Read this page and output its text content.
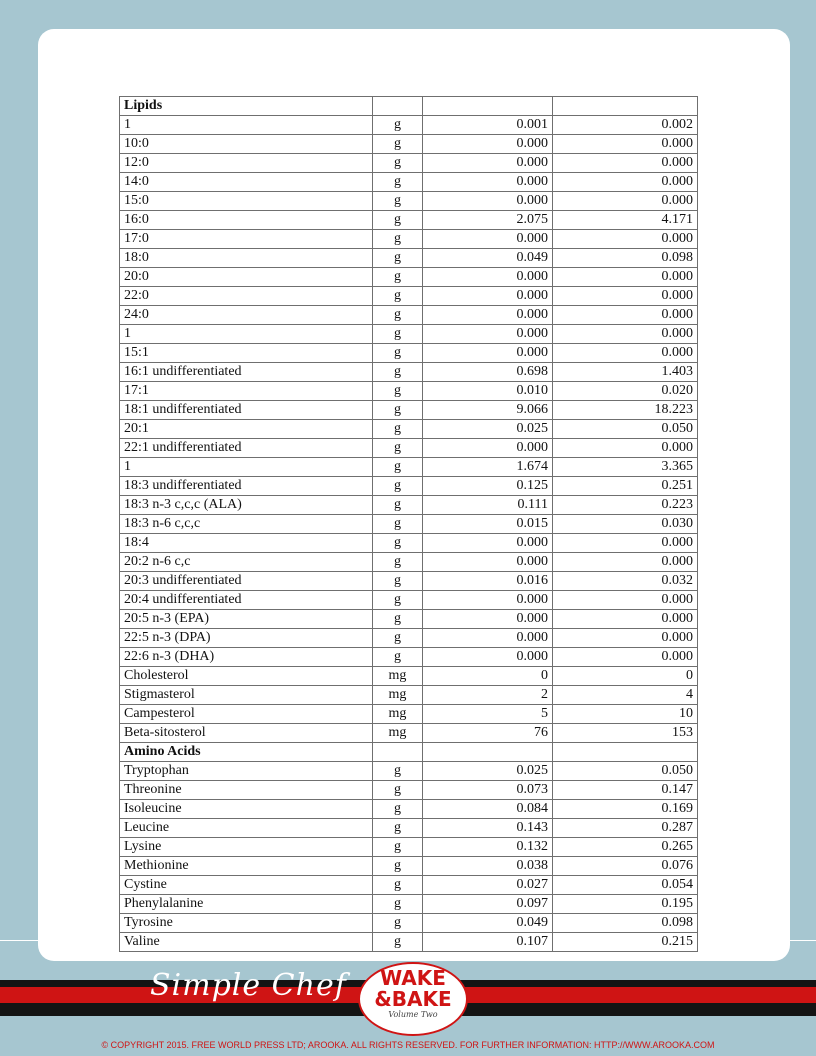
Lipids			
1	g	0.001	0.002
10:0	g	0.000	0.000
12:0	g	0.000	0.000
14:0	g	0.000	0.000
15:0	g	0.000	0.000
16:0	g	2.075	4.171
17:0	g	0.000	0.000
18:0	g	0.049	0.098
20:0	g	0.000	0.000
22:0	g	0.000	0.000
24:0	g	0.000	0.000
1	g	0.000	0.000
15:1	g	0.000	0.000
16:1 undifferentiated	g	0.698	1.403
17:1	g	0.010	0.020
18:1 undifferentiated	g	9.066	18.223
20:1	g	0.025	0.050
22:1 undifferentiated	g	0.000	0.000
1	g	1.674	3.365
18:3 undifferentiated	g	0.125	0.251
18:3 n-3 c,c,c (ALA)	g	0.111	0.223
18:3 n-6 c,c,c	g	0.015	0.030
18:4	g	0.000	0.000
20:2 n-6 c,c	g	0.000	0.000
20:3 undifferentiated	g	0.016	0.032
20:4 undifferentiated	g	0.000	0.000
20:5 n-3 (EPA)	g	0.000	0.000
22:5 n-3 (DPA)	g	0.000	0.000
22:6 n-3 (DHA)	g	0.000	0.000
Cholesterol	mg	0	0
Stigmasterol	mg	2	4
Campesterol	mg	5	10
Beta-sitosterol	mg	76	153
Amino Acids			
Tryptophan	g	0.025	0.050
Threonine	g	0.073	0.147
Isoleucine	g	0.084	0.169
Leucine	g	0.143	0.287
Lysine	g	0.132	0.265
Methionine	g	0.038	0.076
Cystine	g	0.027	0.054
Phenylalanine	g	0.097	0.195
Tyrosine	g	0.049	0.098
Valine	g	0.107	0.215
Simple Chef	WAKE
&BAKE
Volume Two
© COPYRIGHT 2015. FREE WORLD PRESS LTD; AROOKA. ALL RIGHTS RESERVED. FOR FURTHER INFORMATION: HTTP://WWW.AROOKA.COM
